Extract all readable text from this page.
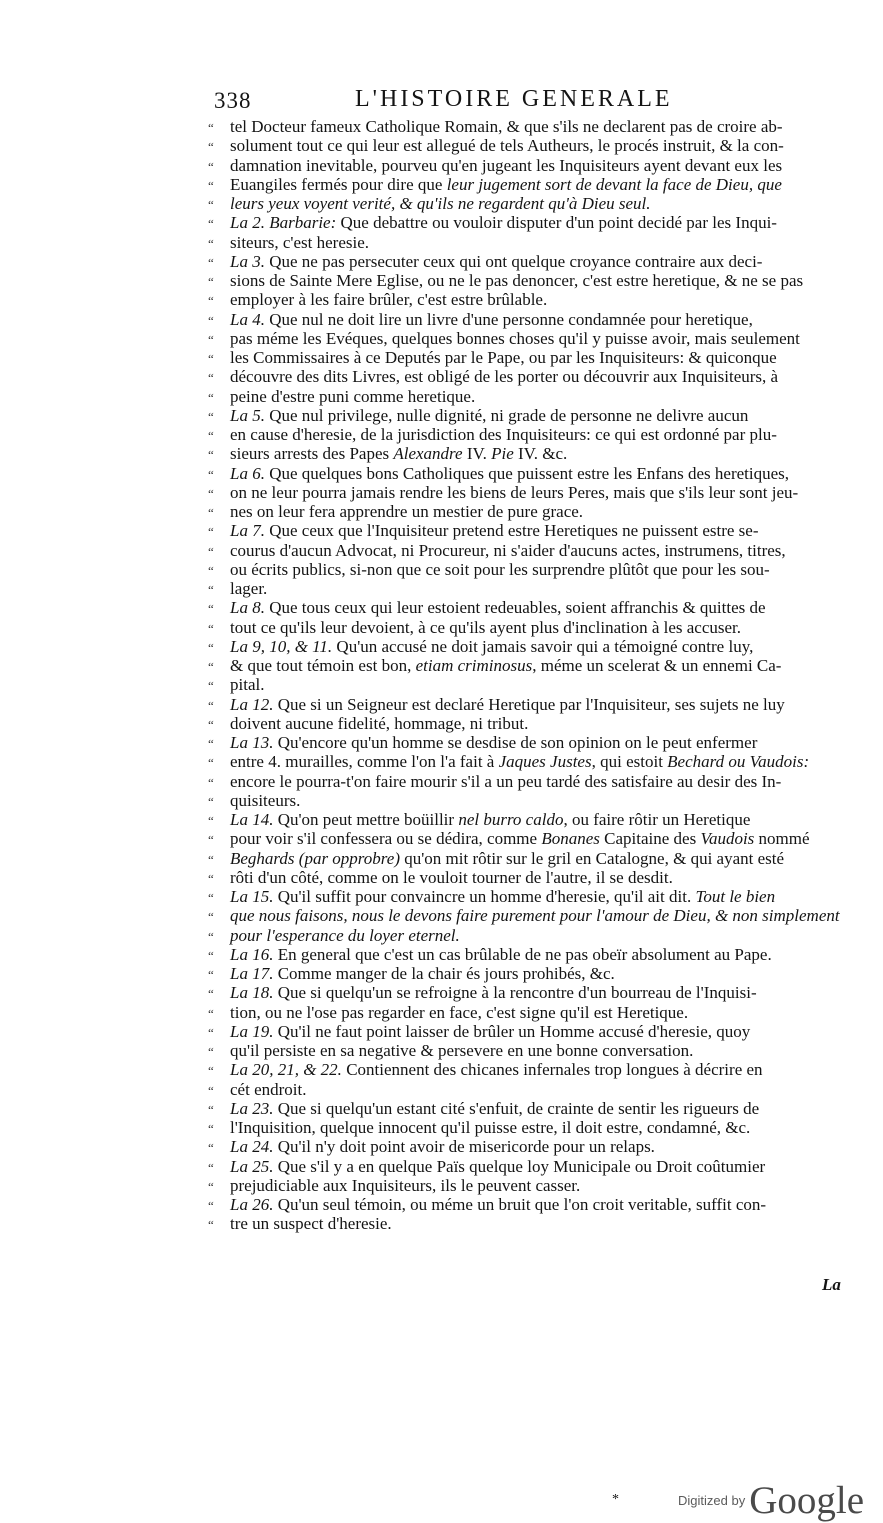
338	L'HISTOIRE GENERALE
“ tel Docteur fameux Catholique Romain, & que s'ils ne declarent pas de croire ab-
“ solument tout ce qui leur est allegué de tels Autheurs, le procés instruit, & la con-
“ damnation inevitable, pourveu qu'en jugeant les Inquisiteurs ayent devant eux les
“ Euangiles fermés pour dire que leur jugement sort de devant la face de Dieu, que
“ leurs yeux voyent verité, & qu'ils ne regardent qu'à Dieu seul.
“ La 2. Barbarie: Que debattre ou vouloir disputer d'un point decidé par les Inqui-
“ siteurs, c'est heresie.
“ La 3. Que ne pas persecuter ceux qui ont quelque croyance contraire aux deci-
“ sions de Sainte Mere Eglise, ou ne le pas denoncer, c'est estre heretique, & ne se pas
“ employer à les faire brûler, c'est estre brûlable.
“ La 4. Que nul ne doit lire un livre d'une personne condamnée pour heretique,
“ pas méme les Evéques, quelques bonnes choses qu'il y puisse avoir, mais seulement
“ les Commissaires à ce Deputés par le Pape, ou par les Inquisiteurs: & quiconque
“ découvre des dits Livres, est obligé de les porter ou découvrir aux Inquisiteurs, à
“ peine d'estre puni comme heretique.
“ La 5. Que nul privilege, nulle dignité, ni grade de personne ne delivre aucun
“ en cause d'heresie, de la jurisdiction des Inquisiteurs: ce qui est ordonné par plu-
“ sieurs arrests des Papes Alexandre IV. Pie IV. &c.
“ La 6. Que quelques bons Catholiques que puissent estre les Enfans des heretiques,
“ on ne leur pourra jamais rendre les biens de leurs Peres, mais que s'ils leur sont jeu-
“ nes on leur fera apprendre un mestier de pure grace.
“ La 7. Que ceux que l'Inquisiteur pretend estre Heretiques ne puissent estre se-
“ courus d'aucun Advocat, ni Procureur, ni s'aider d'aucuns actes, instrumens, titres,
“ ou écrits publics, si-non que ce soit pour les surprendre plûtôt que pour les sou-
“ lager.
“ La 8. Que tous ceux qui leur estoient redeuables, soient affranchis & quittes de
“ tout ce qu'ils leur devoient, à ce qu'ils ayent plus d'inclination à les accuser.
“ La 9, 10, & 11. Qu'un accusé ne doit jamais savoir qui a témoigné contre luy,
“ & que tout témoin est bon, etiam criminosus, méme un scelerat & un ennemi Ca-
“ pital.
“ La 12. Que si un Seigneur est declaré Heretique par l'Inquisiteur, ses sujets ne luy
“ doivent aucune fidelité, hommage, ni tribut.
“ La 13. Qu'encore qu'un homme se desdise de son opinion on le peut enfermer
“ entre 4. murailles, comme l'on l'a fait à Jaques Justes, qui estoit Bechard ou Vaudois:
“ encore le pourra-t'on faire mourir s'il a un peu tardé des satisfaire au desir des In-
“ quisiteurs.
“ La 14. Qu'on peut mettre boüillir nel burro caldo, ou faire rôtir un Heretique
“ pour voir s'il confessera ou se dédira, comme Bonanes Capitaine des Vaudois nommé
“ Beghards (par opprobre) qu'on mit rôtir sur le gril en Catalogne, & qui ayant esté
“ rôti d'un côté, comme on le vouloit tourner de l'autre, il se desdit.
“ La 15. Qu'il suffit pour convaincre un homme d'heresie, qu'il ait dit. Tout le bien
“ que nous faisons, nous le devons faire purement pour l'amour de Dieu, & non simplement
“ pour l'esperance du loyer eternel.
“ La 16. En general que c'est un cas brûlable de ne pas obeïr absolument au Pape.
“ La 17. Comme manger de la chair és jours prohibés, &c.
“ La 18. Que si quelqu'un se refroigne à la rencontre d'un bourreau de l'Inquisi-
“ tion, ou ne l'ose pas regarder en face, c'est signe qu'il est Heretique.
“ La 19. Qu'il ne faut point laisser de brûler un Homme accusé d'heresie, quoy
“ qu'il persiste en sa negative & persevere en une bonne conversation.
“ La 20, 21, & 22. Contiennent des chicanes infernales trop longues à décrire en
“ cét endroit.
“ La 23. Que si quelqu'un estant cité s'enfuit, de crainte de sentir les rigueurs de
“ l'Inquisition, quelque innocent qu'il puisse estre, il doit estre, condamné, &c.
“ La 24. Qu'il n'y doit point avoir de misericorde pour un relaps.
“ La 25. Que s'il y a en quelque Païs quelque loy Municipale ou Droit coûtumier
“ prejudiciable aux Inquisiteurs, ils le peuvent casser.
“ La 26. Qu'un seul témoin, ou méme un bruit que l'on croit veritable, suffit con-
“ tre un suspect d'heresie.
La
*	Digitized by Google
